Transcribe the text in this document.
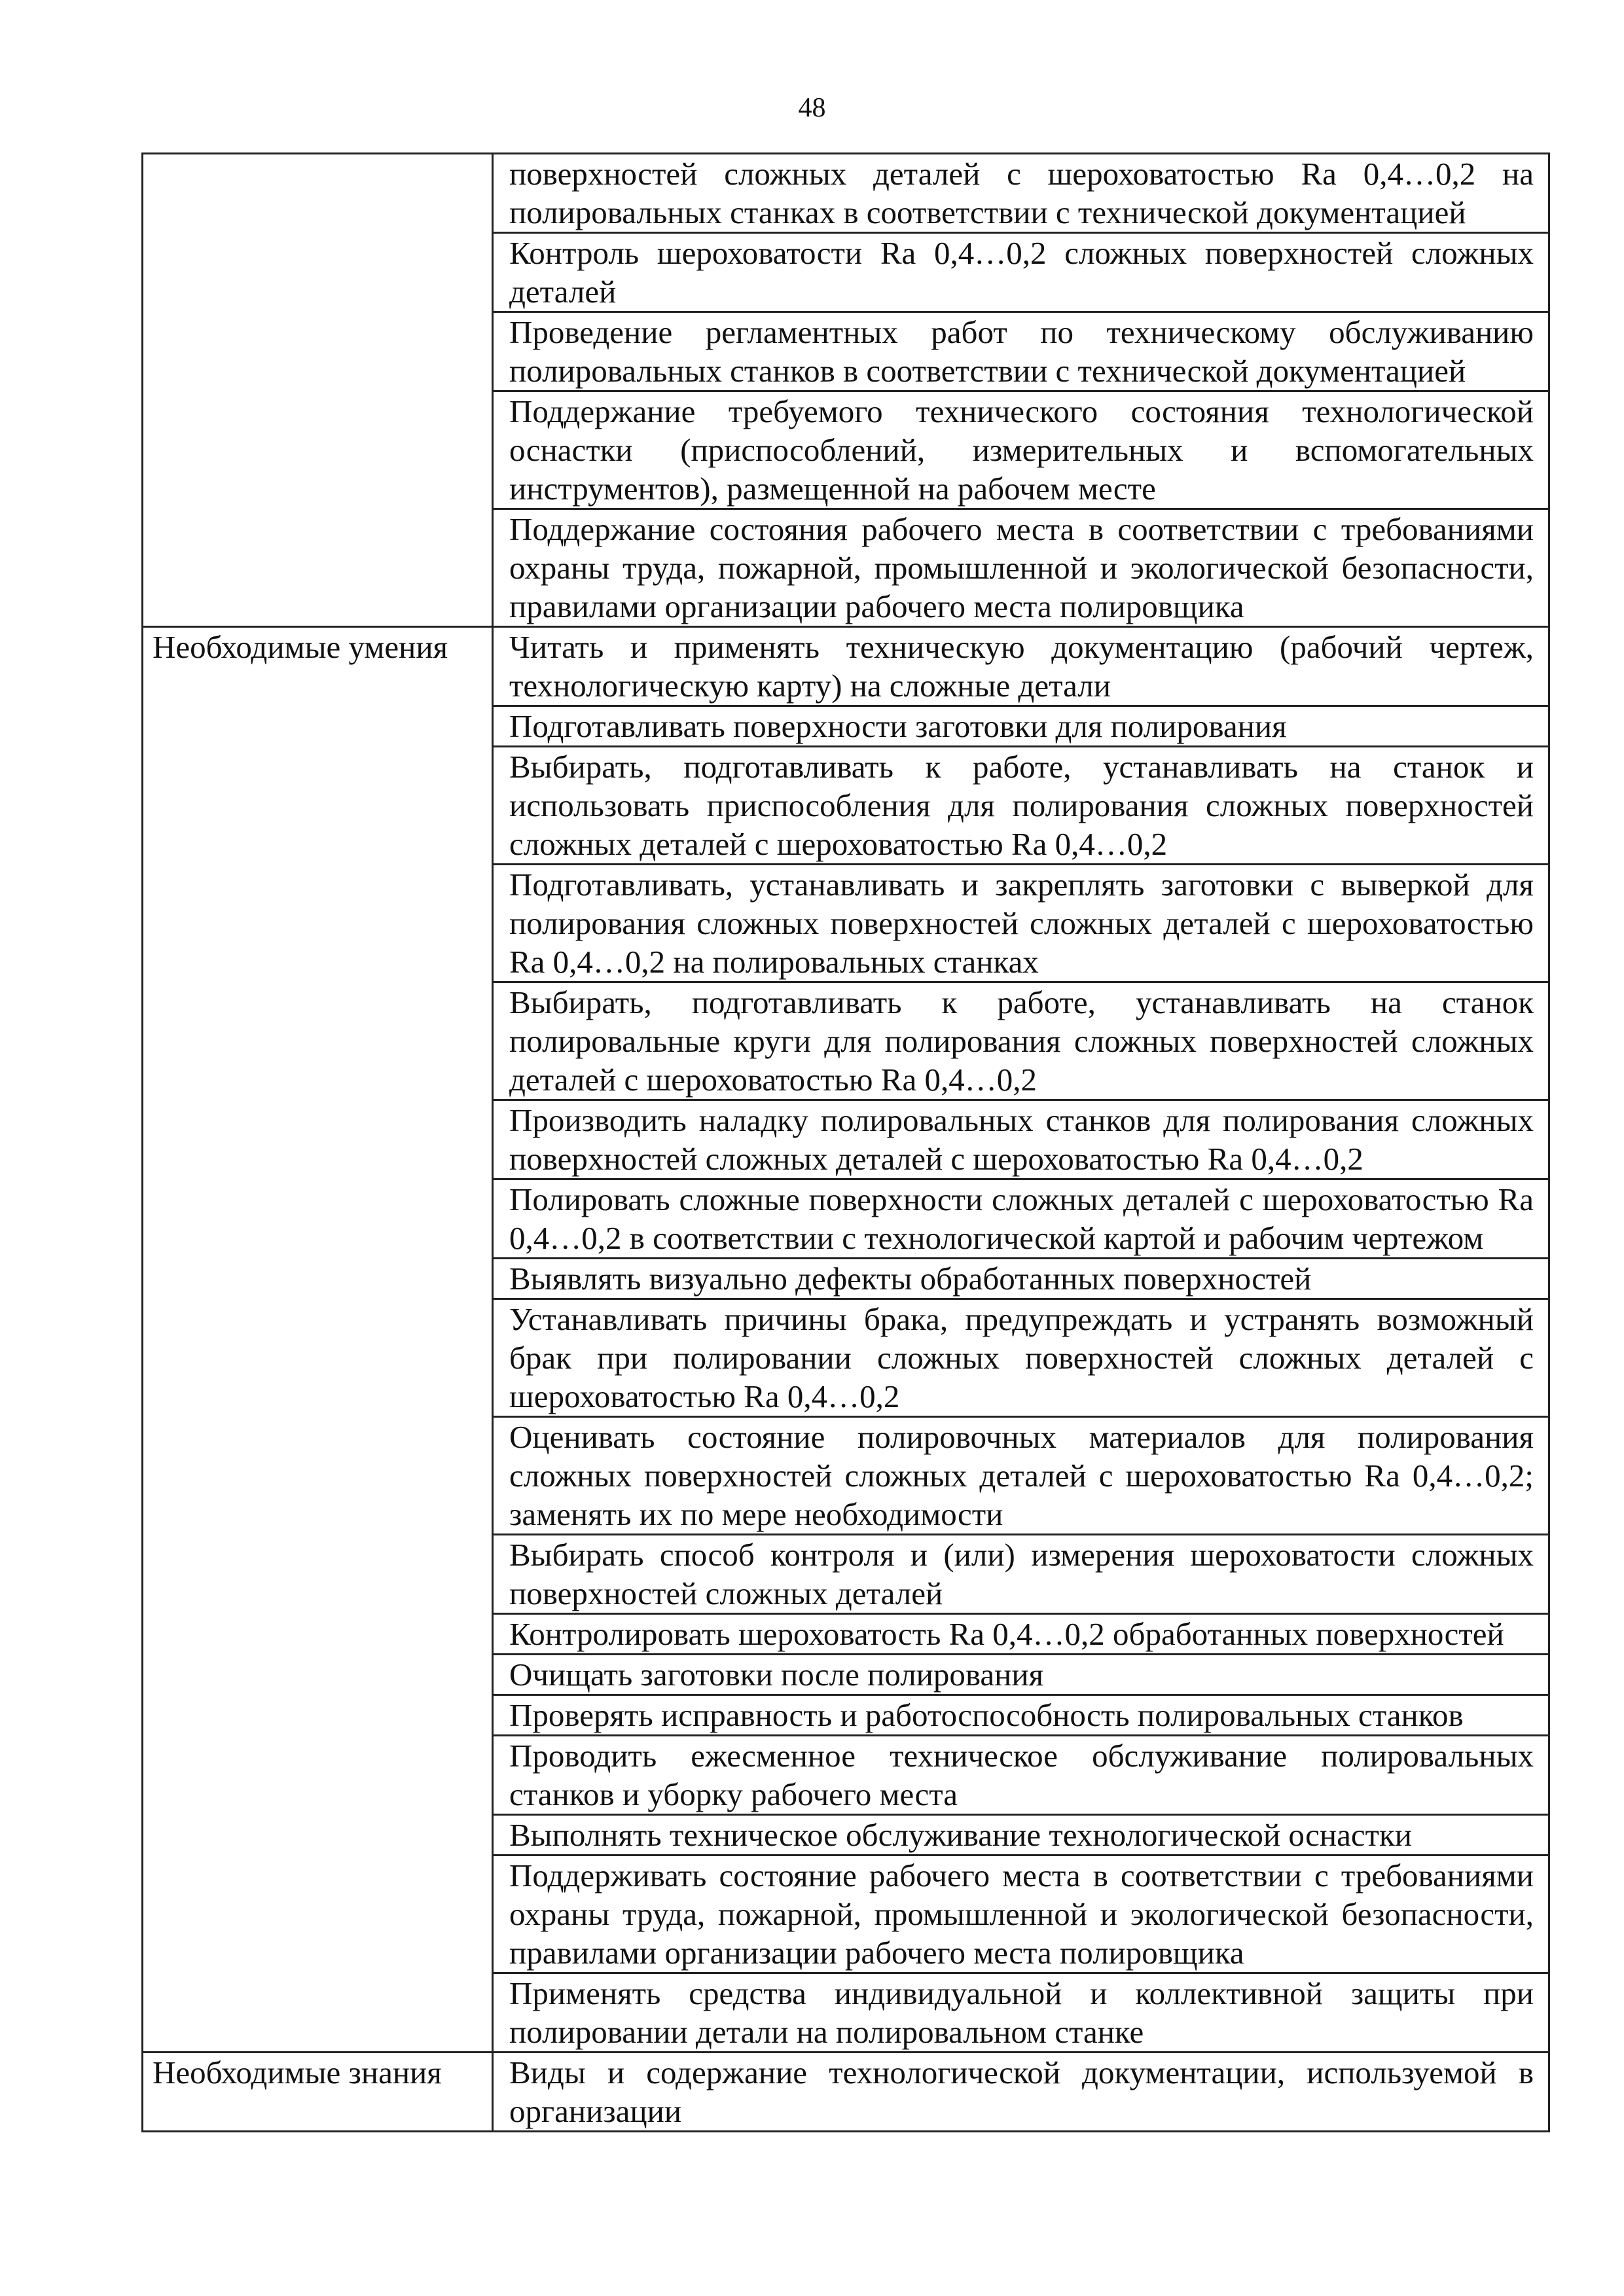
48
	поверхностей сложных деталей с шероховатостью Ra 0,4…0,2 на полировальных станках в соответствии с технической документацией
	Контроль шероховатости Ra 0,4…0,2 сложных поверхностей сложных деталей
	Проведение регламентных работ по техническому обслуживанию полировальных станков в соответствии с технической документацией
	Поддержание требуемого технического состояния технологической оснастки (приспособлений, измерительных и вспомогательных инструментов), размещенной на рабочем месте
	Поддержание состояния рабочего места в соответствии с требованиями охраны труда, пожарной, промышленной и экологической безопасности, правилами организации рабочего места полировщика
Необходимые умения	Читать и применять техническую документацию (рабочий чертеж, технологическую карту) на сложные детали
	Подготавливать поверхности заготовки для полирования
	Выбирать, подготавливать к работе, устанавливать на станок и использовать приспособления для полирования сложных поверхностей сложных деталей с шероховатостью Ra 0,4…0,2
	Подготавливать, устанавливать и закреплять заготовки с выверкой для полирования сложных поверхностей сложных деталей с шероховатостью Ra 0,4…0,2 на полировальных станках
	Выбирать, подготавливать к работе, устанавливать на станок полировальные круги для полирования сложных поверхностей сложных деталей с шероховатостью Ra 0,4…0,2
	Производить наладку полировальных станков для полирования сложных поверхностей сложных деталей с шероховатостью Ra 0,4…0,2
	Полировать сложные поверхности сложных деталей с шероховатостью Ra 0,4…0,2 в соответствии с технологической картой и рабочим чертежом
	Выявлять визуально дефекты обработанных поверхностей
	Устанавливать причины брака, предупреждать и устранять возможный брак при полировании сложных поверхностей сложных деталей с шероховатостью Ra 0,4…0,2
	Оценивать состояние полировочных материалов для полирования сложных поверхностей сложных деталей с шероховатостью Ra 0,4…0,2; заменять их по мере необходимости
	Выбирать способ контроля и (или) измерения шероховатости сложных поверхностей сложных деталей
	Контролировать шероховатость Ra 0,4…0,2 обработанных поверхностей
	Очищать заготовки после полирования
	Проверять исправность и работоспособность полировальных станков
	Проводить ежесменное техническое обслуживание полировальных станков и уборку рабочего места
	Выполнять техническое обслуживание технологической оснастки
	Поддерживать состояние рабочего места в соответствии с требованиями охраны труда, пожарной, промышленной и экологической безопасности, правилами организации рабочего места полировщика
	Применять средства индивидуальной и коллективной защиты при полировании детали на полировальном станке
Необходимые знания	Виды и содержание технологической документации, используемой в организации
